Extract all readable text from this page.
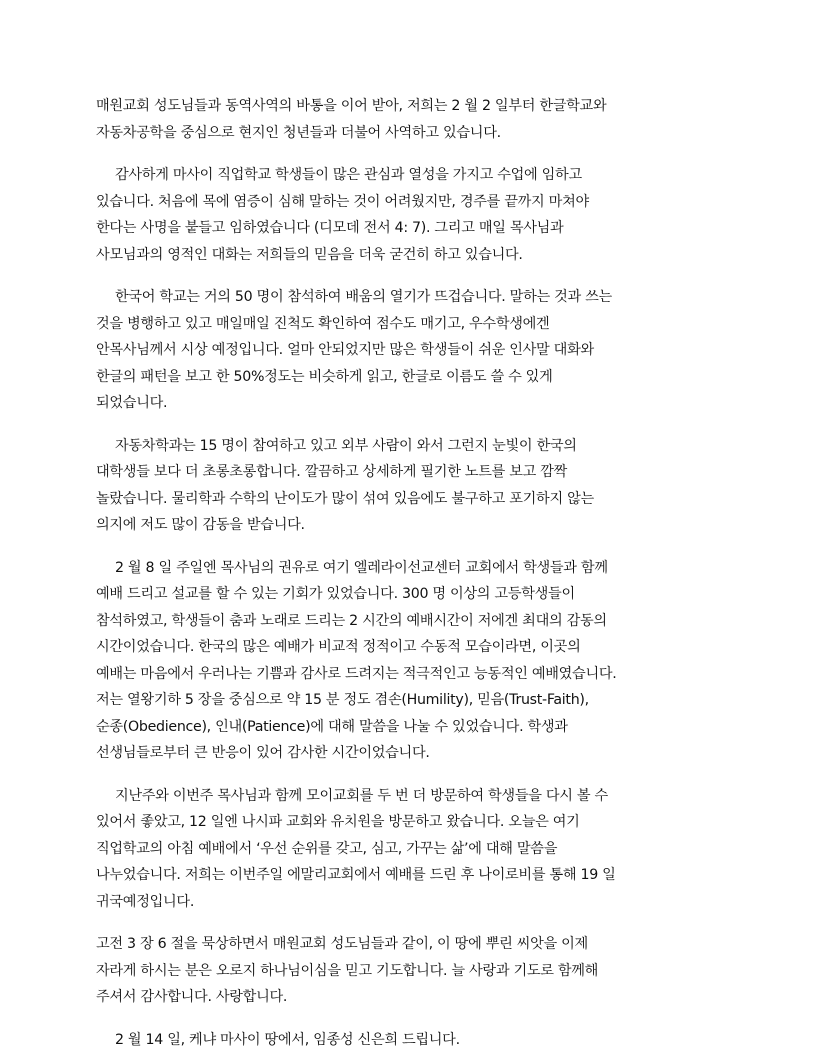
매원교회 성도님들과 동역사역의 바통을 이어 받아, 저희는 2 월 2 일부터 한글학교와
자동차공학을 중심으로 현지인 청년들과 더불어 사역하고 있습니다.

감사하게 마사이 직업학교 학생들이 많은 관심과 열성을 가지고 수업에 임하고
있습니다. 처음에 목에 염증이 심해 말하는 것이 어려웠지만, 경주를 끝까지 마쳐야
한다는 사명을 붙들고 임하였습니다 (디모데 전서 4: 7). 그리고 매일 목사님과
사모님과의 영적인 대화는 저희들의 믿음을 더욱 굳건히 하고 있습니다.

한국어 학교는 거의 50 명이 참석하여 배움의 열기가 뜨겁습니다. 말하는 것과 쓰는
것을 병행하고 있고 매일매일 진척도 확인하여 점수도 매기고, 우수학생에겐
안목사님께서 시상 예정입니다. 얼마 안되었지만 많은 학생들이 쉬운 인사말 대화와
한글의 패턴을 보고 한 50%정도는 비슷하게 읽고, 한글로 이름도 쓸 수 있게
되었습니다.

자동차학과는 15 명이 참여하고 있고 외부 사람이 와서 그런지 눈빛이 한국의
대학생들 보다 더 초롱초롱합니다. 깔끔하고 상세하게 필기한 노트를 보고 깜짝
놀랐습니다. 물리학과 수학의 난이도가 많이 섞여 있음에도 불구하고 포기하지 않는
의지에 저도 많이 감동을 받습니다.

2 월 8 일 주일엔 목사님의 권유로 여기 엘레라이선교센터 교회에서 학생들과 함께
예배 드리고 설교를 할 수 있는 기회가 있었습니다. 300 명 이상의 고등학생들이
참석하였고, 학생들이 춤과 노래로 드리는 2 시간의 예배시간이 저에겐 최대의 감동의
시간이었습니다. 한국의 많은 예배가 비교적 정적이고 수동적 모습이라면, 이곳의
예배는 마음에서 우러나는 기쁨과 감사로 드려지는 적극적인고 능동적인 예배였습니다.
저는 열왕기하 5 장을 중심으로 약 15 분 정도 겸손(Humility), 믿음(Trust-Faith),
순종(Obedience), 인내(Patience)에 대해 말씀을 나눌 수 있었습니다. 학생과
선생님들로부터 큰 반응이 있어 감사한 시간이었습니다.

지난주와 이번주 목사님과 함께 모이교회를 두 번 더 방문하여 학생들을 다시 볼 수
있어서 좋았고, 12 일엔 나시파 교회와 유치원을 방문하고 왔습니다. 오늘은 여기
직업학교의 아침 예배에서 ‘우선 순위를 갖고, 심고, 가꾸는 삶’에 대해 말씀을
나누었습니다. 저희는 이번주일 에말리교회에서 예배를 드린 후 나이로비를 통해 19 일
귀국예정입니다.

고전 3 장 6 절을 묵상하면서 매원교회 성도님들과 같이, 이 땅에 뿌린 씨앗을 이제
자라게 하시는 분은 오로지 하나님이심을 믿고 기도합니다. 늘 사랑과 기도로 함께해
주셔서 감사합니다. 사랑합니다.

2 월 14 일, 케냐 마사이 땅에서, 임종성 신은희 드립니다.
